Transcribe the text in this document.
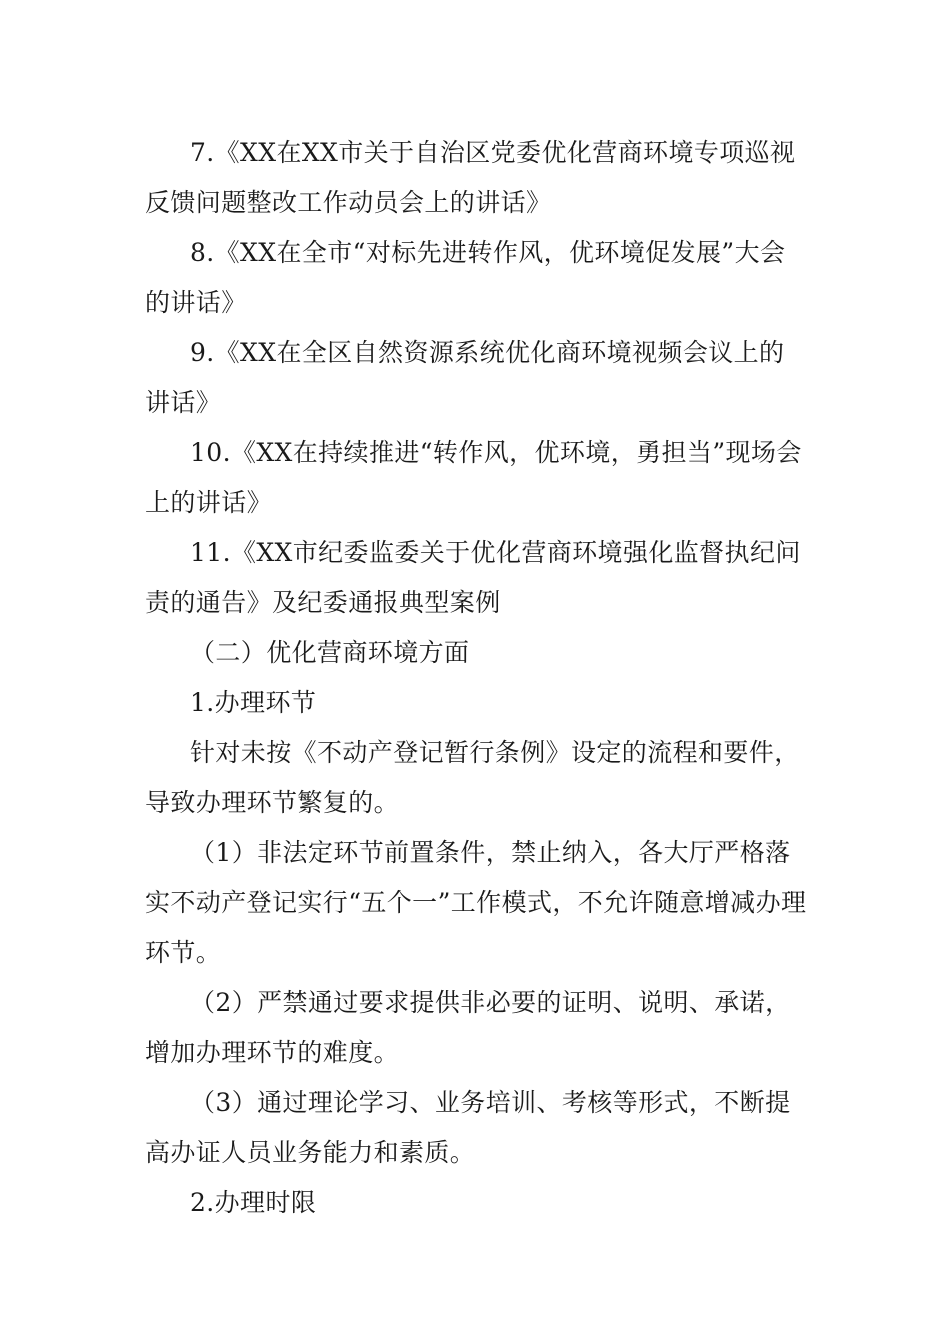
7.《XX在XX市关于自治区党委优化营商环境专项巡视反馈问题整改工作动员会上的讲话》

8.《XX在全市“对标先进转作风，优环境促发展”大会的讲话》

9.《XX在全区自然资源系统优化商环境视频会议上的讲话》

10.《XX在持续推进“转作风，优环境，勇担当”现场会上的讲话》

11.《XX市纪委监委关于优化营商环境强化监督执纪问责的通告》及纪委通报典型案例

（二）优化营商环境方面

1.办理环节

针对未按《不动产登记暂行条例》设定的流程和要件，导致办理环节繁复的。

（1）非法定环节前置条件，禁止纳入，各大厅严格落实不动产登记实行“五个一”工作模式，不允许随意增减办理环节。

（2）严禁通过要求提供非必要的证明、说明、承诺，增加办理环节的难度。

（3）通过理论学习、业务培训、考核等形式，不断提高办证人员业务能力和素质。

2.办理时限
